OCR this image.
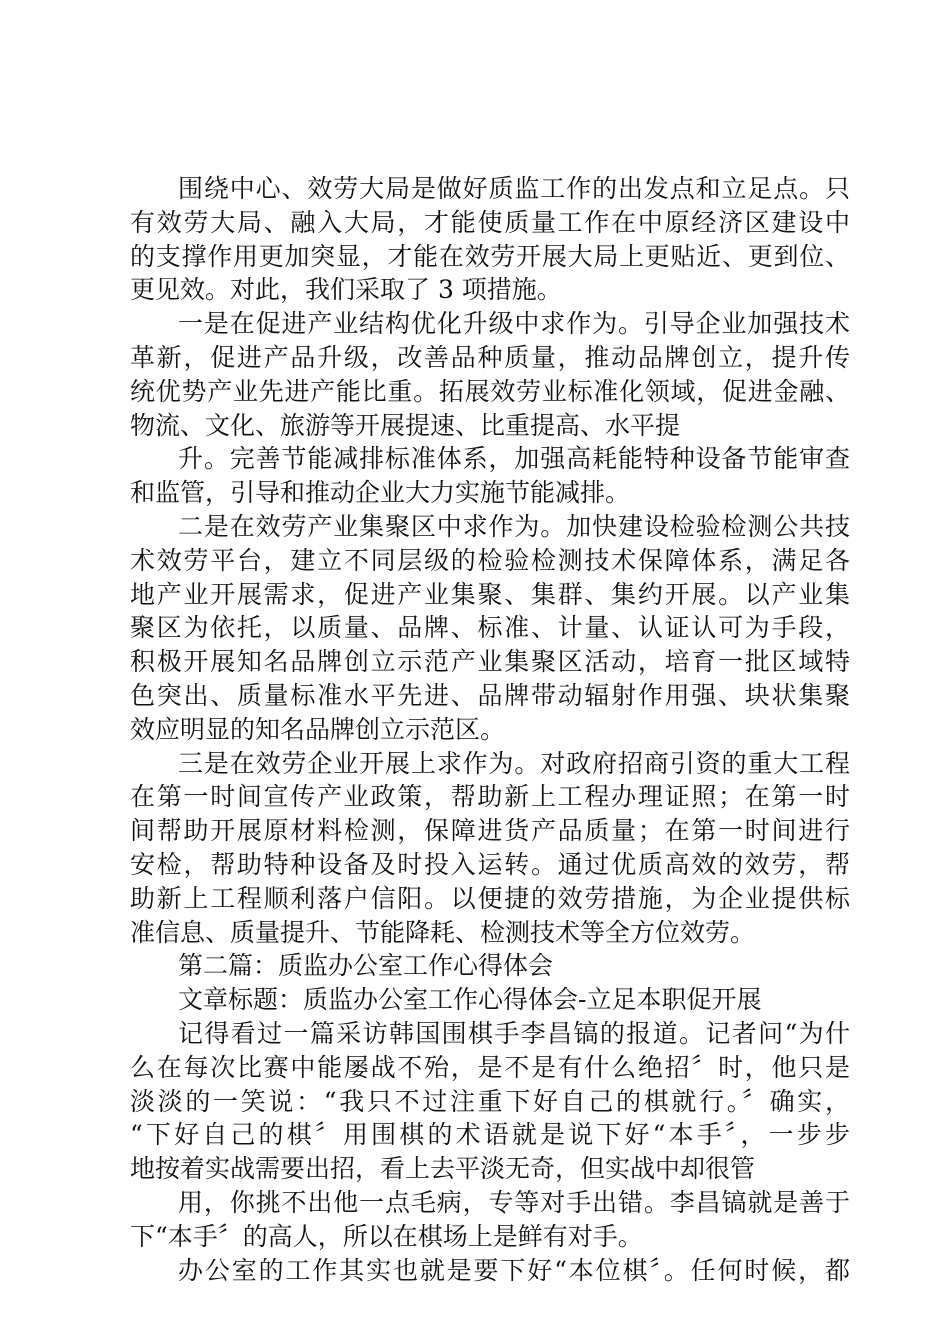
围绕中心、效劳大局是做好质监工作的出发点和立足点。只
有效劳大局、融入大局，才能使质量工作在中原经济区建设中
的支撑作用更加突显，才能在效劳开展大局上更贴近、更到位、
更见效。对此，我们采取了 3 项措施。
一是在促进产业结构优化升级中求作为。引导企业加强技术
革新，促进产品升级，改善品种质量，推动品牌创立，提升传
统优势产业先进产能比重。拓展效劳业标准化领域，促进金融、
物流、文化、旅游等开展提速、比重提高、水平提
升。完善节能减排标准体系，加强高耗能特种设备节能审查
和监管，引导和推动企业大力实施节能减排。
二是在效劳产业集聚区中求作为。加快建设检验检测公共技
术效劳平台，建立不同层级的检验检测技术保障体系，满足各
地产业开展需求，促进产业集聚、集群、集约开展。以产业集
聚区为依托，以质量、品牌、标准、计量、认证认可为手段，
积极开展知名品牌创立示范产业集聚区活动，培育一批区域特
色突出、质量标准水平先进、品牌带动辐射作用强、块状集聚
效应明显的知名品牌创立示范区。
三是在效劳企业开展上求作为。对政府招商引资的重大工程
在第一时间宣传产业政策，帮助新上工程办理证照；在第一时
间帮助开展原材料检测，保障进货产品质量；在第一时间进行
安检，帮助特种设备及时投入运转。通过优质高效的效劳，帮
助新上工程顺利落户信阳。以便捷的效劳措施，为企业提供标
准信息、质量提升、节能降耗、检测技术等全方位效劳。
第二篇：质监办公室工作心得体会
文章标题：质监办公室工作心得体会-立足本职促开展
记得看过一篇采访韩国围棋手李昌镐的报道。记者问“为什
么在每次比赛中能屡战不殆，是不是有什么绝招〞时，他只是
淡淡的一笑说：“我只不过注重下好自己的棋就行。〞确实，
“下好自己的棋〞用围棋的术语就是说下好“本手〞，一步步
地按着实战需要出招，看上去平淡无奇，但实战中却很管
用，你挑不出他一点毛病，专等对手出错。李昌镐就是善于
下“本手〞的高人，所以在棋场上是鲜有对手。
办公室的工作其实也就是要下好“本位棋〞。任何时候，都
